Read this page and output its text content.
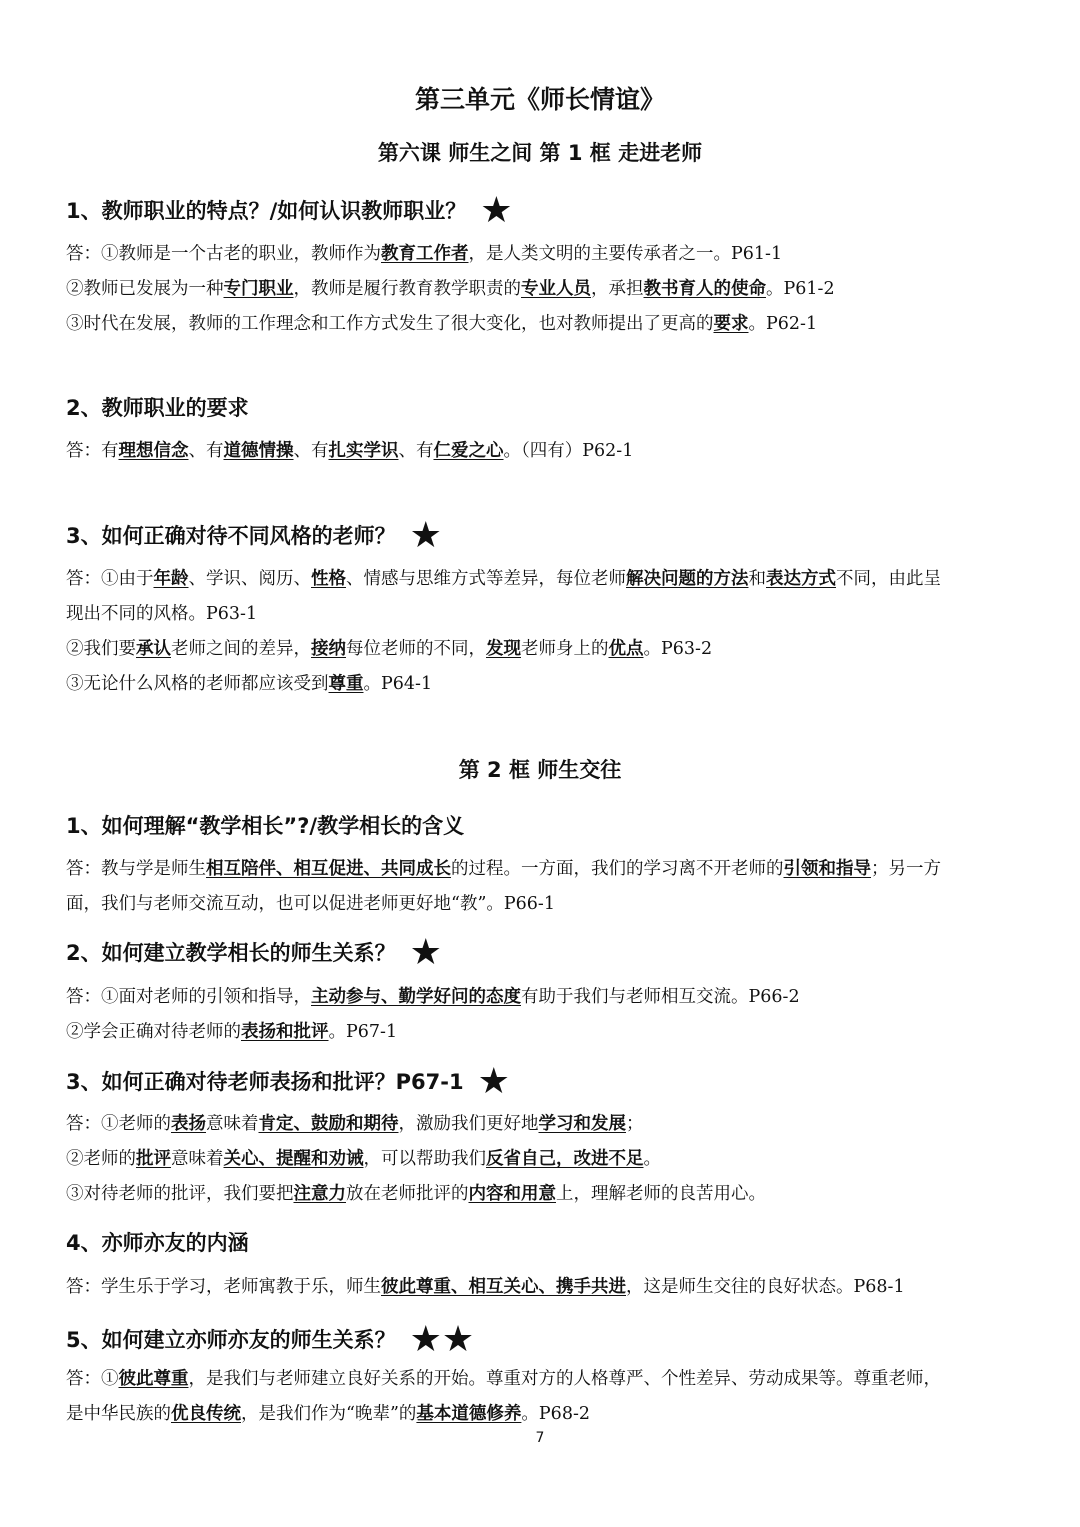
第三单元《师长情谊》
第六课 师生之间 第 1 框 走进老师
1、教师职业的特点？/如何认识教师职业？ ★
答：①教师是一个古老的职业，教师作为教育工作者，是人类文明的主要传承者之一。P61-1
②教师已发展为一种专门职业，教师是履行教育教学职责的专业人员，承担教书育人的使命。P61-2
③时代在发展，教师的工作理念和工作方式发生了很大变化，也对教师提出了更高的要求。P62-1
2、教师职业的要求
答：有理想信念、有道德情操、有扎实学识、有仁爱之心。（四有）P62-1
3、如何正确对待不同风格的老师？ ★
答：①由于年龄、学识、阅历、性格、情感与思维方式等差异，每位老师解决问题的方法和表达方式不同，由此呈
现出不同的风格。P63-1
②我们要承认老师之间的差异，接纳每位老师的不同，发现老师身上的优点。P63-2
③无论什么风格的老师都应该受到尊重。P64-1
第 2 框 师生交往
1、如何理解“教学相长”?/教学相长的含义
答：教与学是师生相互陪伴、相互促进、共同成长的过程。一方面，我们的学习离不开老师的引领和指导；另一方
面，我们与老师交流互动，也可以促进老师更好地“教”。P66-1
2、如何建立教学相长的师生关系？ ★
答：①面对老师的引领和指导，主动参与、勤学好问的态度有助于我们与老师相互交流。P66-2
②学会正确对待老师的表扬和批评。P67-1
3、如何正确对待老师表扬和批评？P67-1 ★
答：①老师的表扬意味着肯定、鼓励和期待，激励我们更好地学习和发展；
②老师的批评意味着关心、提醒和劝诫，可以帮助我们反省自己，改进不足。
③对待老师的批评，我们要把注意力放在老师批评的内容和用意上，理解老师的良苦用心。
4、亦师亦友的内涵
答：学生乐于学习，老师寓教于乐，师生彼此尊重、相互关心、携手共进，这是师生交往的良好状态。P68-1
5、如何建立亦师亦友的师生关系？ ★★
答：①彼此尊重，是我们与老师建立良好关系的开始。尊重对方的人格尊严、个性差异、劳动成果等。尊重老师，
是中华民族的优良传统，是我们作为“晚辈”的基本道德修养。P68-2
7
